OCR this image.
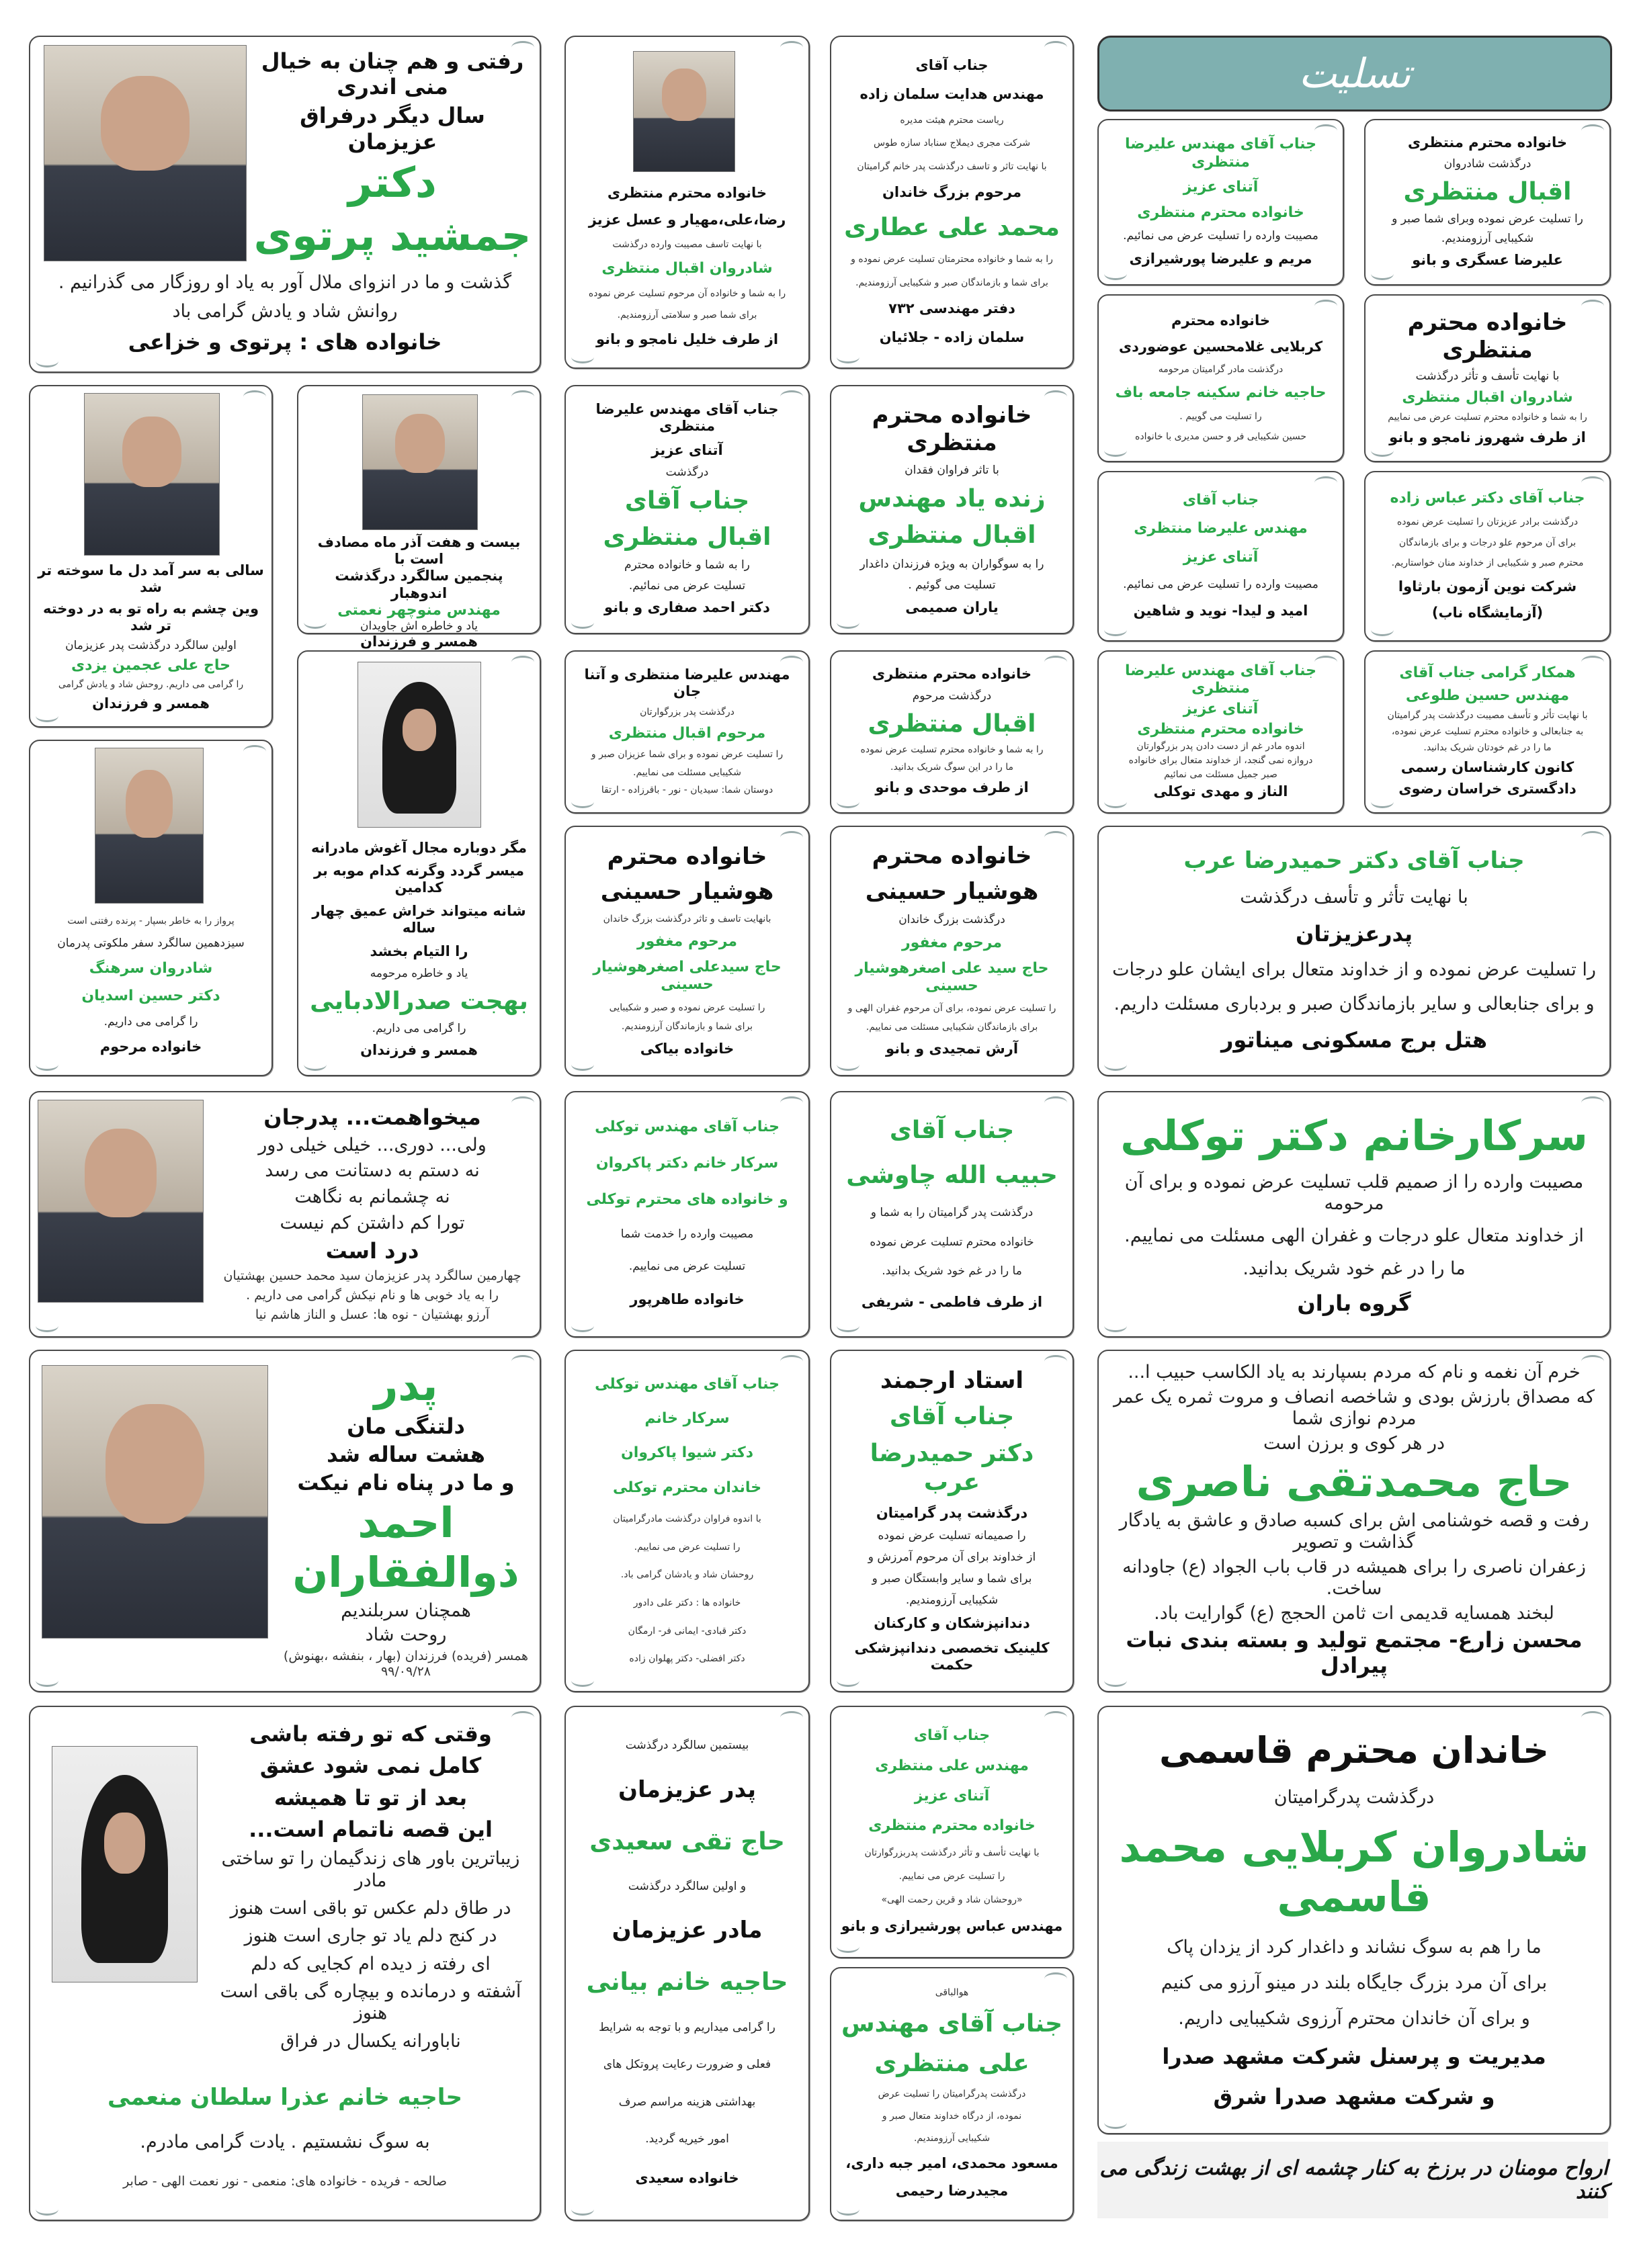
تسلیت
رفتی و هم چنان به خیال منی اندری
سال دیگر درفراق عزیزمان
دکتر
جمشید پرتوی
گذشت و ما در انزوای ملال آور به یاد او روزگار می گذرانیم .
روانش شاد و یادش گرامی باد
خانواده های : پرتوی و خزاعی
بیست و هفت آذر ماه مصادف است با
پنجمین سالگرد درگذشت اندوهبار
مهندس منوچهر نعمتی
یاد و خاطره اش جاویدان
همسر و فرزندان
سالی به سر آمد دل ما سوخته تر شد
وین چشم به راه تو به در دوخته تر شد
اولین سالگرد درگذشت پدر عزیزمان
حاج علی عجمین یزدی
را گرامی می داریم. روحش شاد و یادش گرامی
همسر و فرزندان
مگر دوباره مجال آغوش مادرانه
میسر گردد وگرنه کدام موبه بر کدامین
شانه میتواند خراش عمیق چهار ساله
را التیام بخشد
یاد و خاطره مرحومه
بهجت صدرالادبایی
را گرامی می داریم.
همسر و فرزندان
پرواز را به خاطر بسپار - پرنده رفتنی است
سیزدهمین سالگرد سفر ملکوتی پدرمان
شادروان سرهنگ
دکتر حسین اسدیان
را گرامی می داریم.
خانواده مرحوم
میخواهمت... پدرجان
ولی... دوری... خیلی خیلی دور
نه دستم به دستانت می رسد
نه چشمانم به نگاهت
تورا کم داشتن کم نیست
درد است
چهارمین سالگرد پدر عزیزمان سید محمد حسین بهشتیان
را به یاد خوبی ها و نام نیکش گرامی می داریم .
آرزو بهشتیان - نوه ها: عسل و الناز هاشم نیا
پدر
دلتنگی مان
هشت ساله شد
و ما در پناه نام نیکت
احمد ذوالفقاران
همچنان سربلندیم
روحت شاد
همسر (فریده) فرزندان (بهار ، بنفشه ،بهنوش) ۹۹/۰۹/۲۸
وقتی که تو رفته باشی
کامل نمی شود عشق
بعد از تو تا همیشه
این قصه ناتمام است...
زیباترین باور های زندگیمان را تو ساختی مادر
در طاق دلم عکس تو باقی است هنوز
در کنج دلم یاد تو جاری است هنوز
ای رفته ز دیده ام کجایی که دلم
آشفته و درمانده و بیچاره گی باقی است هنوز
ناباورانه یکسال در فراق
حاجیه خانم عذرا سلطان منعمی
به سوگ نشستیم . یادت گرامی مادرم.
صالحه - فریده - خانواده های: منعمی - نور نعمت الهی - صابر
خانواده محترم منتظری
رضا،علی،مهیار و عسل عزیز
با نهایت تاسف مصیبت وارده درگذشت
شادروان اقبال منتظری
را به شما و خانواده آن مرحوم تسلیت عرض نموده
برای شما صبر و سلامتی آرزومندیم.
از طرف خلیل نامجو و بانو
جناب آقای مهندس علیرضا منتظری
آتنای عزیز
درگذشت
جناب آقای
اقبال منتظری
را به شما و خانواده محترم
تسلیت عرض می نمائیم.
دکتر احمد صفاری و بانو
مهندس علیرضا منتظری و آتنا جان
درگذشت پدر بزرگوارتان
مرحوم اقبال منتظری
را تسلیت عرض نموده و برای شما عزیزان صبر و
شکیبایی مسئلت می نماییم.
دوستان شما: سیدیان - نور - باقرزاده - ارتقا
خانواده محترم
هوشیار حسینی
بانهایت تاسف و تاثر درگذشت بزرگ خاندان
مرحوم مغفور
حاج سیدعلی اصغرهوشیار حسینی
را تسلیت عرض نموده و صبر و شکیبایی
برای شما و بازماندگان آرزومندیم.
خانواده بیاکی
جناب آقای مهندس توکلی
سرکار خانم دکتر پاکروان
و خانواده های محترم توکلی
مصیبت وارده را خدمت شما
تسلیت عرض می نماییم.
خانواده طاهرپور
جناب آقای مهندس توکلی
سرکار خانم
دکتر شیوا پاکروان
خاندان محترم توکلی
با اندوه فراوان درگذشت مادرگرامیتان
را تسلیت عرض می نماییم.
روحشان شاد و یادشان گرامی باد.
خانواده ها : دکتر علی دادور
دکتر قبادی- ایمانی فر- ارمگان
دکتر افضلی- دکتر پهلوان زاده
بیستمین سالگرد درگذشت
پدر عزیزمان
حاج تقی سعیدی
و اولین سالگرد درگذشت
مادر عزیزمان
حاجیه خانم بیانی
را گرامی میداریم و با توجه به شرایط
فعلی و ضرورت رعایت پروتکل های
بهداشتی هزینه مراسم صرف
امور خیریه گردید.
خانواده سعیدی
جناب آقای
مهندس هدایت سلمان زاده
ریاست محترم هیئت مدیره
شرکت مجری دیملاج سناباد سازه طوس
با نهایت تاثر و تاسف درگذشت پدر خانم گرامیتان
مرحوم بزرگ خاندان
محمد علی عطاری
را به شما و خانواده محترمتان تسلیت عرض نموده و
برای شما و بازماندگان صبر و شکیبایی آرزومندیم.
دفتر مهندسی ۷۳۲
سلمان زاده - جلائیان
خانواده محترم منتظری
با تاثر فراوان فقدان
زنده یاد مهندس
اقبال منتظری
را به سوگواران به ویژه فرزندان داغدار
تسلیت می گوئیم .
یاران صمیمی
خانواده محترم منتظری
درگذشت مرحوم
اقبال منتظری
را به شما و خانواده محترم تسلیت عرض نموده
ما را در این سوگ شریک بدانید.
از طرف موحدی و بانو
خانواده محترم
هوشیار حسینی
درگذشت بزرگ خاندان
مرحوم مغفور
حاج سید علی اصغرهوشیار حسینی
را تسلیت عرض نموده، برای آن مرحوم غفران الهی و
برای بازماندگان شکیبایی مسئلت می نماییم.
آرش تمجیدی و بانو
جناب آقای
حبیب الله چاوشی
درگذشت پدر گرامیتان را به شما و
خانواده محترم تسلیت عرض نموده
ما را در غم خود شریک بدانید.
از طرف فاطمی - شریفی
استاد ارجمند
جناب آقای
دکتر حمیدرضا عرب
درگذشت پدر گرامیتان
را صمیمانه تسلیت عرض نموده
از خداوند برای آن مرحوم آمرزش و
برای شما و سایر وابستگان صبر و
شکیبایی آرزومندیم.
دندانپزشکان و کارکنان
کلینیک تخصصی دندانپزشکی حکمت
جناب آقای
مهندس علی منتظری
آتنای عزیز
خانواده محترم منتظری
با نهایت تأسف و تأثر درگذشت پدربزرگوارتان
را تسلیت عرض می نماییم.
«روحشان شاد و قرین رحمت الهی»
مهندس عباس پورشیرازی و بانو
هوالباقی
جناب آقای مهندس
علی منتظری
درگذشت پدرگرامیتان را تسلیت عرض
نموده، از درگاه خداوند متعال صبر و
شکیبایی آرزومندیم.
مسعود محمدی، امیر جبه داری،
مجیدرضا رحیمی
خانواده محترم منتظری
درگذشت شادروان
اقبال منتظری
را تسلیت عرض نموده وبرای شما صبر و
شکیبایی آرزومندیم.
علیرضا عسگری و بانو
جناب آقای مهندس علیرضا منتظری
آتنای عزیز
خانواده محترم منتظری
مصیبت وارده را تسلیت عرض می نمائیم.
مریم و علیرضا پورشیرازی
خانواده محترم منتظری
با نهایت تأسف و تأثر درگذشت
شادروان اقبال منتظری
را به شما و خانواده محترم تسلیت عرض می نماییم
از طرف شهروز نامجو و بانو
خانواده محترم
کربلایی غلامحسین عوضوردی
درگذشت مادر گرامیتان مرحومه
حاجیه خانم سکینه جامعه باف
را تسلیت می گوییم .
حسین شکیبایی فر و حسن مدیری با خانواده
جناب آقای دکتر عباس زاده
درگذشت برادر عزیزتان را تسلیت عرض نموده
برای آن مرحوم علو درجات و برای بازماندگان
محترم صبر و شکیبایی از خداوند منان خواستاریم.
شرکت نوین آزمون بارثاوا
(آزمایشگاه ناب)
جناب آقای
مهندس علیرضا منتظری
آتنای عزیز
مصیبت وارده را تسلیت عرض می نمائیم.
امید و لیدا- نوید و شاهین
همکار گرامی جناب آقای
مهندس حسین طلوعی
با نهایت تأثر و تأسف مصیبت درگذشت پدر گرامیتان
به جنابعالی و خانواده محترم تسلیت عرض نموده،
ما را در غم خودتان شریک بدانید.
کانون کارشناسان رسمی
دادگستری خراسان رضوی
جناب آقای مهندس علیرضا منتظری
آتنای عزیز
خانواده محترم منتظری
اندوه مادر غم از دست دادن پدر بزرگوارتان
دروازه نمی گنجد، از خداوند متعال برای خانواده
صبر جمیل مسئلت می نمائیم
الناز و مهدی توکلی
جناب آقای دکتر حمیدرضا عرب
با نهایت تأثر و تأسف درگذشت
پدرعزیزتان
را تسلیت عرض نموده و از خداوند متعال برای ایشان علو درجات
و برای جنابعالی و سایر بازماندگان صبر و بردباری مسئلت داریم.
هتل برج مسکونی میناتور
سرکارخانم دکتر توکلی
مصیبت وارده را از صمیم قلب تسلیت عرض نموده و برای آن مرحومه
از خداوند متعال علو درجات و غفران الهی مسئلت می نماییم.
ما را در غم خود شریک بدانید.
گروه باران
خرم آن نغمه و نام که مردم بسپارند به یاد الکاسب حبیب ا...
که مصداق بارزش بودی و شاخصه انصاف و مروت ثمره یک عمر مردم نوازی شما
در هر کوی و برزن است
حاج محمدتقی ناصری
رفت و قصه خوشنامی اش برای کسبه صادق و عاشق به یادگار گذاشت و تصویر
زعفران ناصری را برای همیشه در قاب باب الجواد (ع) جاودانه ساخت.
لبخند همسایه قدیمی ات ثامن الحجج (ع) گوارایت باد.
محسن زارع- مجتمع تولید و بسته بندی نبات پیرادل
خاندان محترم قاسمی
درگذشت پدرگرامیتان
شادروان کربلایی محمد قاسمی
ما را هم به سوگ نشاند و داغدار کرد از یزدان پاک
برای آن مرد بزرگ جایگاه بلند در مینو آرزو می کنیم
و برای آن خاندان محترم آرزوی شکیبایی داریم.
مدیریت و پرسنل شرکت مشهد صدرا
و شرکت مشهد صدرا شرق
ارواح مومنان در برزخ به کنار چشمه ای از بهشت زندگی می کنند
